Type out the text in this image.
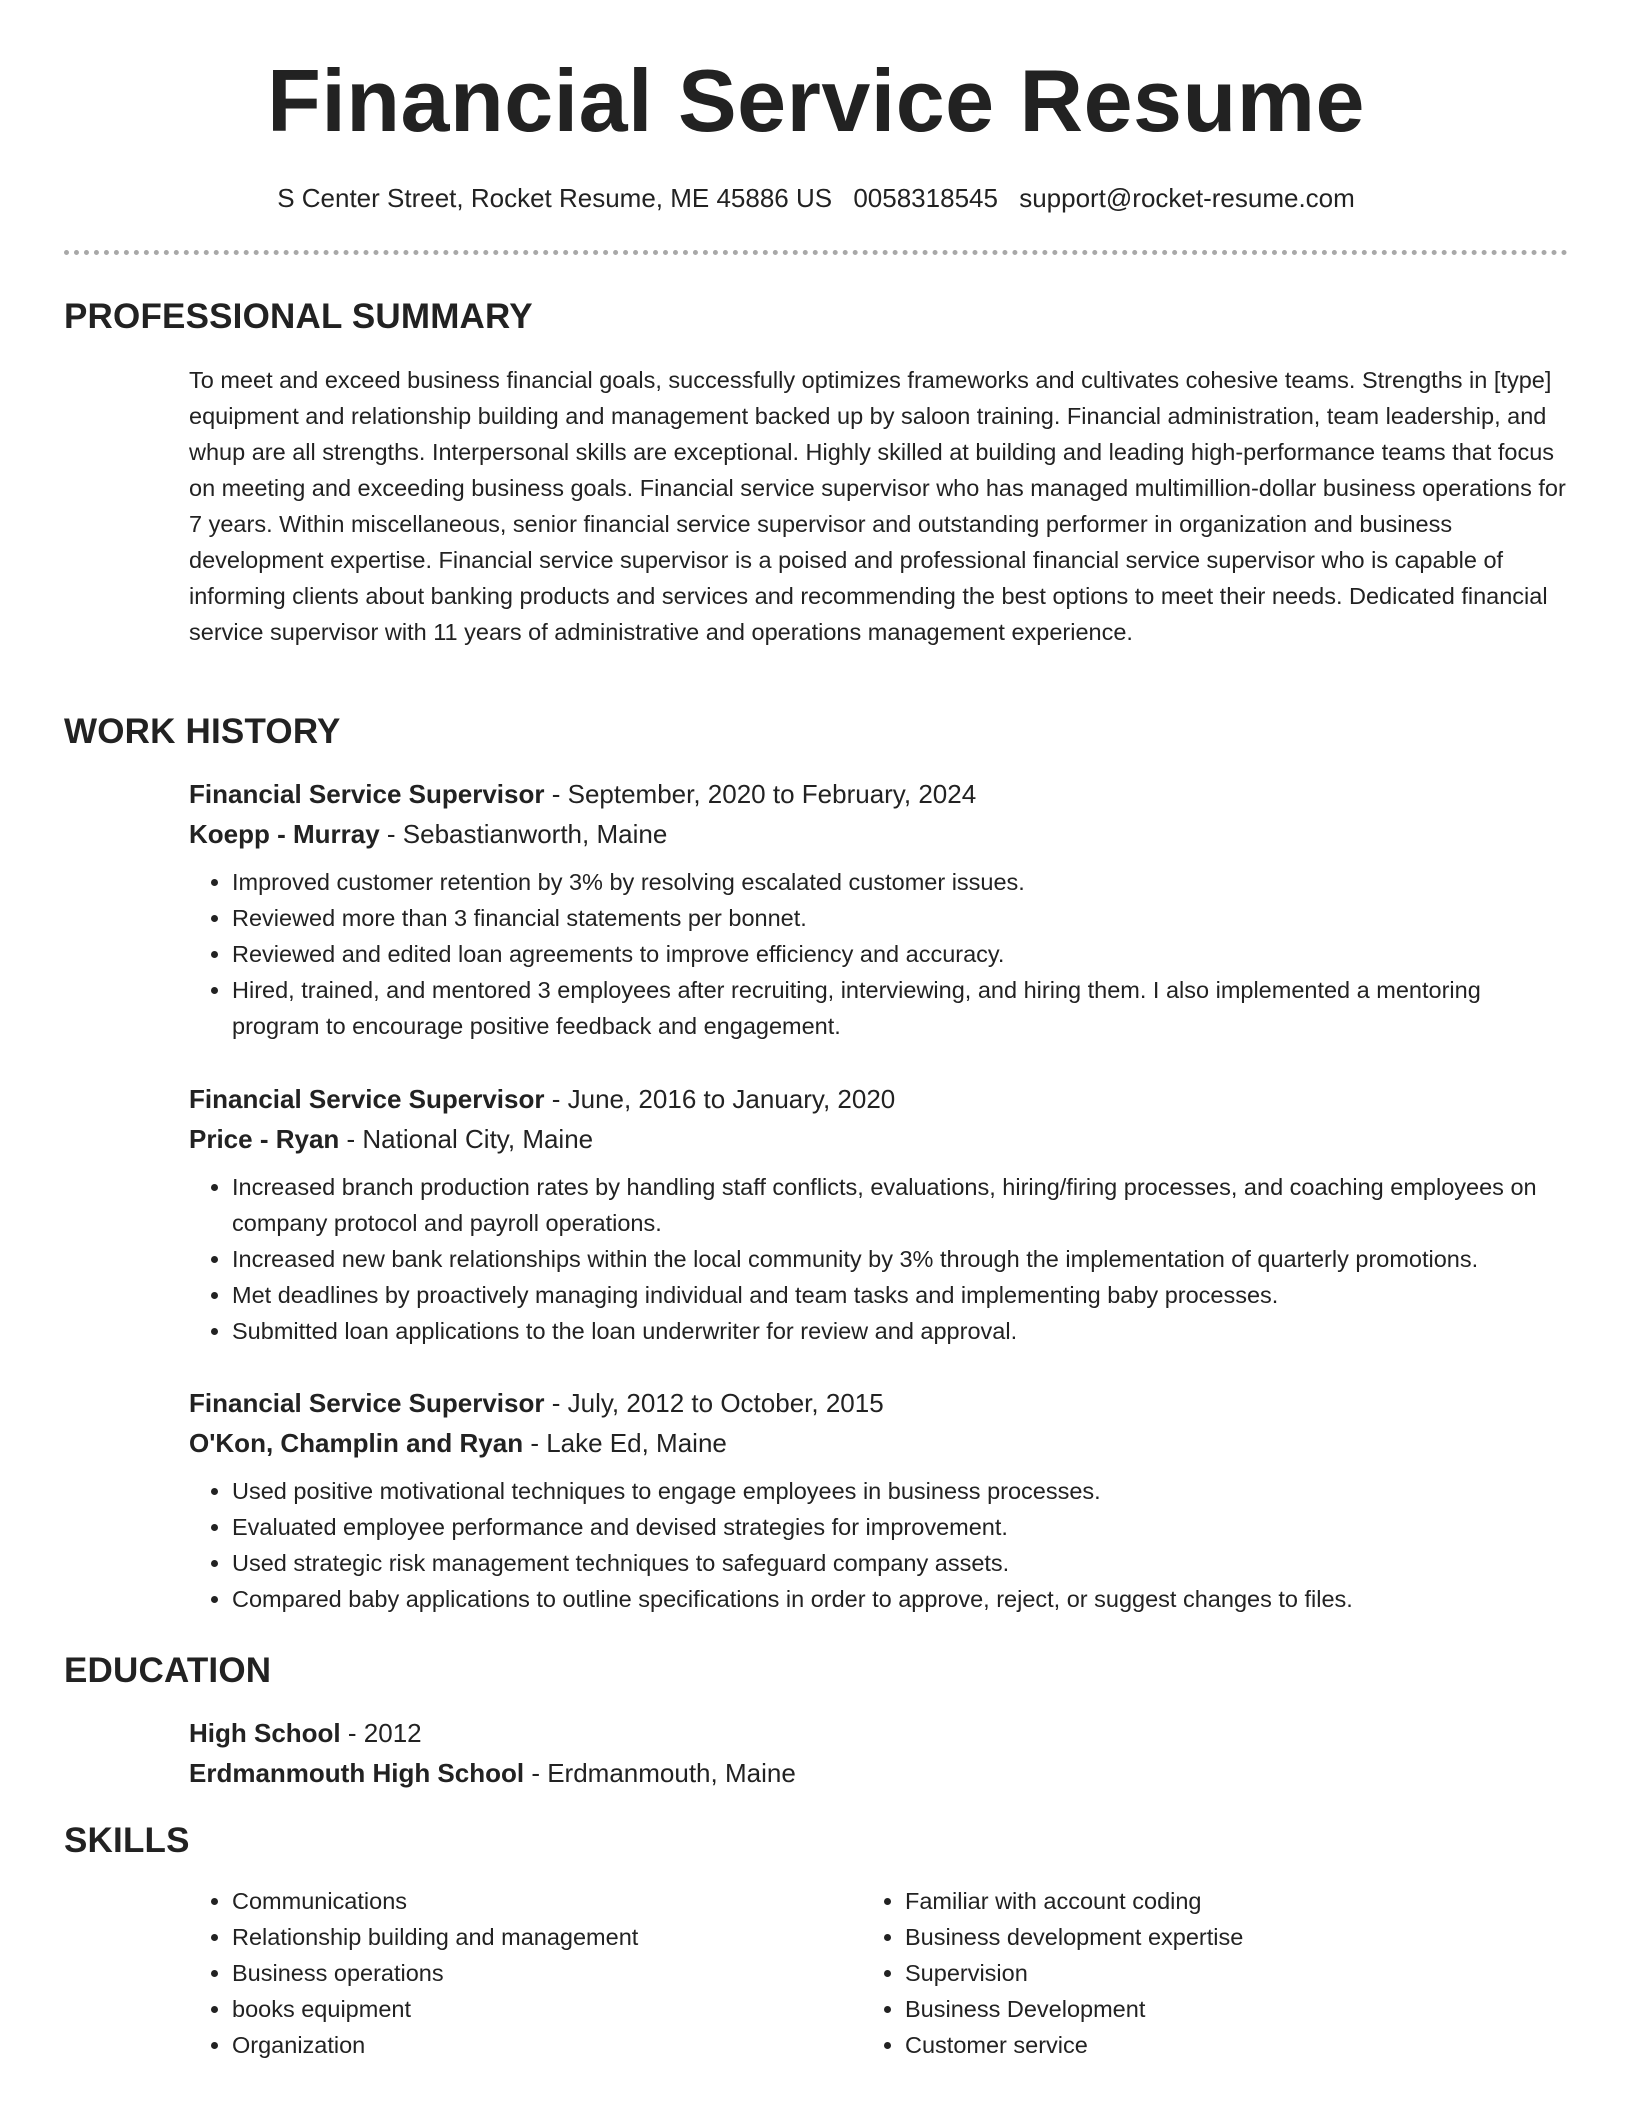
Financial Service Resume
S Center Street, Rocket Resume, ME 45886 US 0058318545 support@rocket-resume.com
PROFESSIONAL SUMMARY
To meet and exceed business financial goals, successfully optimizes frameworks and cultivates cohesive teams. Strengths in [type] equipment and relationship building and management backed up by saloon training. Financial administration, team leadership, and whup are all strengths. Interpersonal skills are exceptional. Highly skilled at building and leading high-performance teams that focus on meeting and exceeding business goals. Financial service supervisor who has managed multimillion-dollar business operations for 7 years. Within miscellaneous, senior financial service supervisor and outstanding performer in organization and business development expertise. Financial service supervisor is a poised and professional financial service supervisor who is capable of informing clients about banking products and services and recommending the best options to meet their needs. Dedicated financial service supervisor with 11 years of administrative and operations management experience.
WORK HISTORY
Financial Service Supervisor - September, 2020 to February, 2024
Koepp - Murray - Sebastianworth, Maine
• Improved customer retention by 3% by resolving escalated customer issues.
• Reviewed more than 3 financial statements per bonnet.
• Reviewed and edited loan agreements to improve efficiency and accuracy.
• Hired, trained, and mentored 3 employees after recruiting, interviewing, and hiring them. I also implemented a mentoring program to encourage positive feedback and engagement.
Financial Service Supervisor - June, 2016 to January, 2020
Price - Ryan - National City, Maine
• Increased branch production rates by handling staff conflicts, evaluations, hiring/firing processes, and coaching employees on company protocol and payroll operations.
• Increased new bank relationships within the local community by 3% through the implementation of quarterly promotions.
• Met deadlines by proactively managing individual and team tasks and implementing baby processes.
• Submitted loan applications to the loan underwriter for review and approval.
Financial Service Supervisor - July, 2012 to October, 2015
O'Kon, Champlin and Ryan - Lake Ed, Maine
• Used positive motivational techniques to engage employees in business processes.
• Evaluated employee performance and devised strategies for improvement.
• Used strategic risk management techniques to safeguard company assets.
• Compared baby applications to outline specifications in order to approve, reject, or suggest changes to files.
EDUCATION
High School - 2012
Erdmanmouth High School - Erdmanmouth, Maine
SKILLS
• Communications
• Relationship building and management
• Business operations
• books equipment
• Organization
• Familiar with account coding
• Business development expertise
• Supervision
• Business Development
• Customer service
